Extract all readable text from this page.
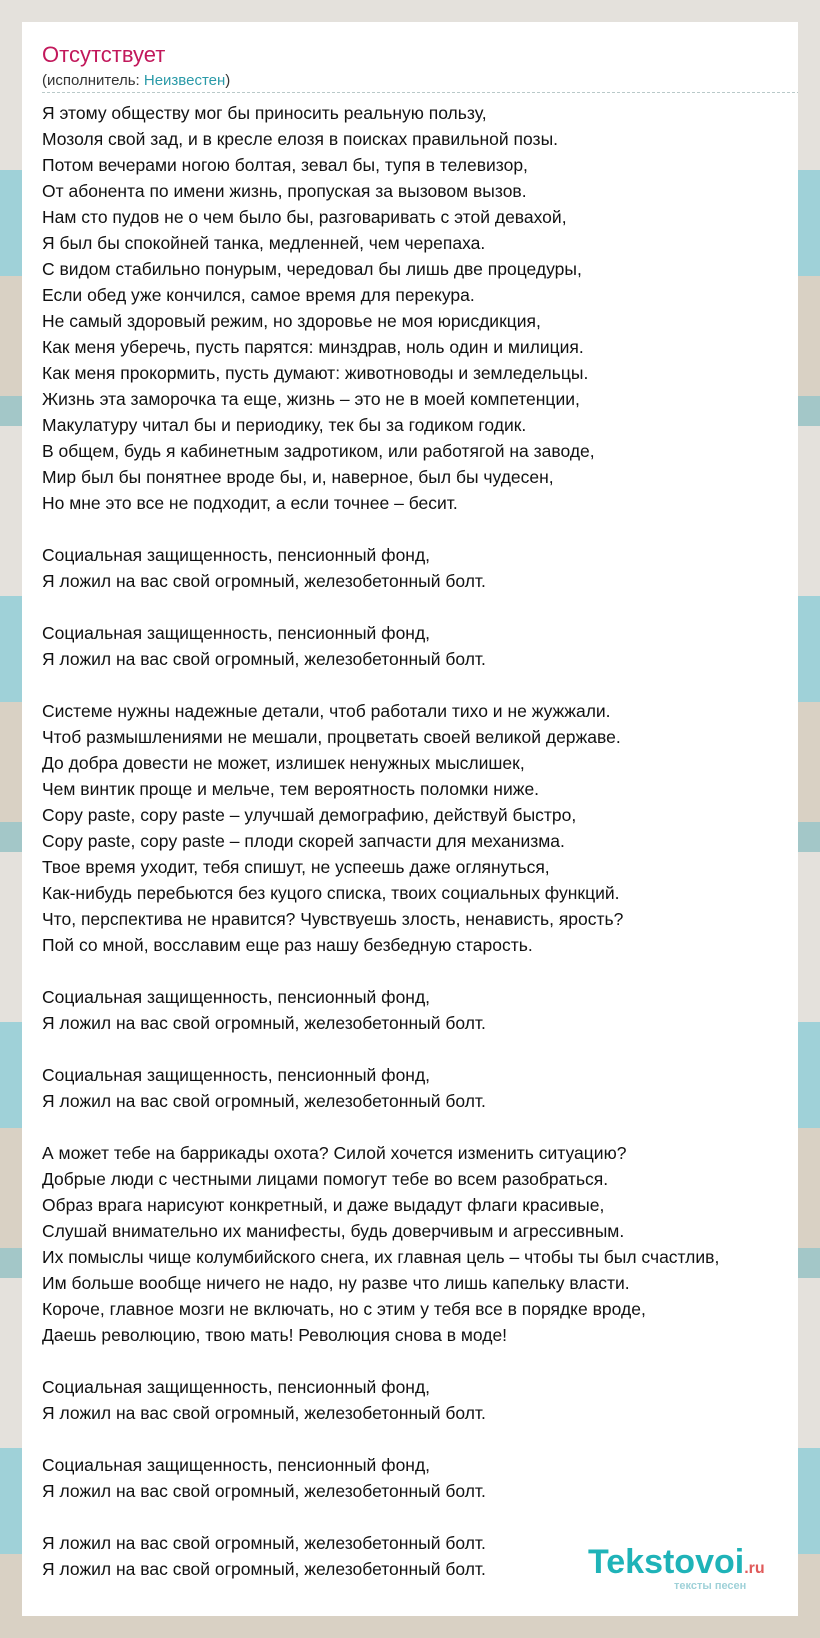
Отсутствует
(исполнитель: Неизвестен)
Я этому обществу мог бы приносить реальную пользу,
Мозоля свой зад, и в кресле елозя в поисках правильной позы.
Потом вечерами ногою болтая, зевал бы, тупя в телевизор,
От абонента по имени жизнь, пропуская за вызовом вызов.
Нам сто пудов не о чем было бы, разговаривать с этой девахой,
Я был бы спокойней танка, медленней, чем черепаха.
С видом стабильно понурым, чередовал бы лишь две процедуры,
Если обед уже кончился, самое время для перекура.
Не самый здоровый режим, но здоровье не моя юрисдикция,
Как меня уберечь, пусть парятся: минздрав, ноль один и милиция.
Как меня прокормить, пусть думают: животноводы и земледельцы.
Жизнь эта заморочка та еще, жизнь – это не в моей компетенции,
Макулатуру читал бы и периодику, тек бы за годиком годик.
В общем, будь я кабинетным задротиком, или работягой на заводе,
Мир был бы понятнее вроде бы, и, наверное, был бы чудесен,
Но мне это все не подходит, а если точнее – бесит.
Социальная защищенность, пенсионный фонд,
Я ложил на вас свой огромный, железобетонный болт.
Социальная защищенность, пенсионный фонд,
Я ложил на вас свой огромный, железобетонный болт.
Системе нужны надежные детали, чтоб работали тихо и не жужжали.
Чтоб размышлениями не мешали, процветать своей великой державе.
До добра довести не может, излишек ненужных мыслишек,
Чем винтик проще и мельче, тем вероятность поломки ниже.
Copy paste, copy paste – улучшай демографию, действуй быстро,
Copy paste, copy paste – плоди скорей запчасти для механизма.
Твое время уходит, тебя спишут, не успеешь даже оглянуться,
Как-нибудь перебьются без куцого списка, твоих социальных функций.
Что, перспектива не нравится? Чувствуешь злость, ненависть, ярость?
Пой со мной, восславим еще раз нашу безбедную старость.
Социальная защищенность, пенсионный фонд,
Я ложил на вас свой огромный, железобетонный болт.
Социальная защищенность, пенсионный фонд,
Я ложил на вас свой огромный, железобетонный болт.
А может тебе на баррикады охота? Силой хочется изменить ситуацию?
Добрые люди с честными лицами помогут тебе во всем разобраться.
Образ врага нарисуют конкретный, и даже выдадут флаги красивые,
Слушай внимательно их манифесты, будь доверчивым и агрессивным.
Их помыслы чище колумбийского снега, их главная цель – чтобы ты был счастлив,
Им больше вообще ничего не надо, ну разве что лишь капельку власти.
Короче, главное мозги не включать, но с этим у тебя все в порядке вроде,
Даешь революцию, твою мать! Революция снова в моде!
Социальная защищенность, пенсионный фонд,
Я ложил на вас свой огромный, железобетонный болт.
Социальная защищенность, пенсионный фонд,
Я ложил на вас свой огромный, железобетонный болт.
Я ложил на вас свой огромный, железобетонный болт.
Я ложил на вас свой огромный, железобетонный болт.	Tekstovoi.ru
тексты песен
